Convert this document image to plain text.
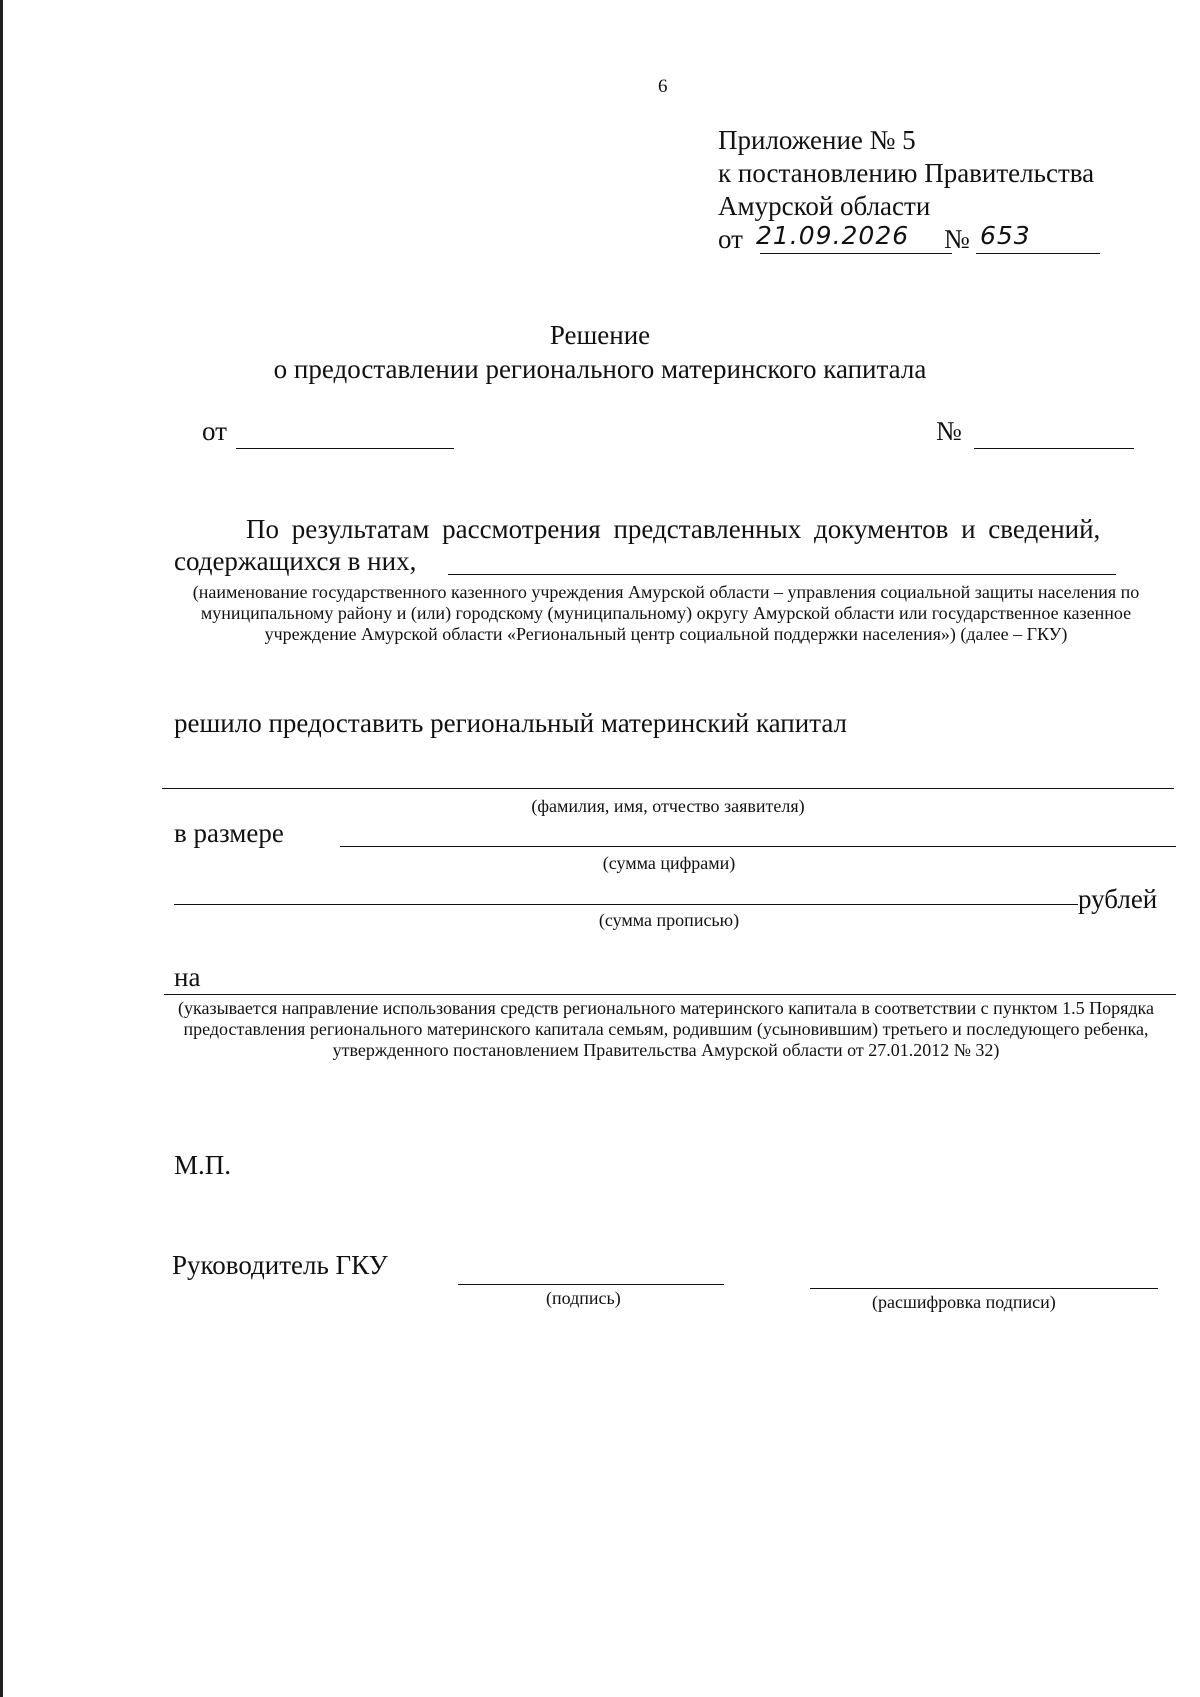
6
Приложение № 5
к постановлению Правительства
Амурской области
от 21.09.2026 № 653
Решение
о предоставлении регионального материнского капитала
от	№
По результатам рассмотрения представленных документов и сведений,
содержащихся в них,
(наименование государственного казенного учреждения Амурской области – управления социальной защиты населения по муниципальному району и (или) городскому (муниципальному) округу Амурской области или государственное казенное учреждение Амурской области «Региональный центр социальной поддержки населения») (далее – ГКУ)
решило предоставить региональный материнский капитал
(фамилия, имя, отчество заявителя)
в размере
(сумма цифрами)
рублей
(сумма прописью)
на
(указывается направление использования средств регионального материнского капитала в соответствии с пунктом 1.5 Порядка предоставления регионального материнского капитала семьям, родившим (усыновившим) третьего и последующего ребенка, утвержденного постановлением Правительства Амурской области от 27.01.2012 № 32)
М.П.
Руководитель ГКУ
(подпись)	(расшифровка подписи)
